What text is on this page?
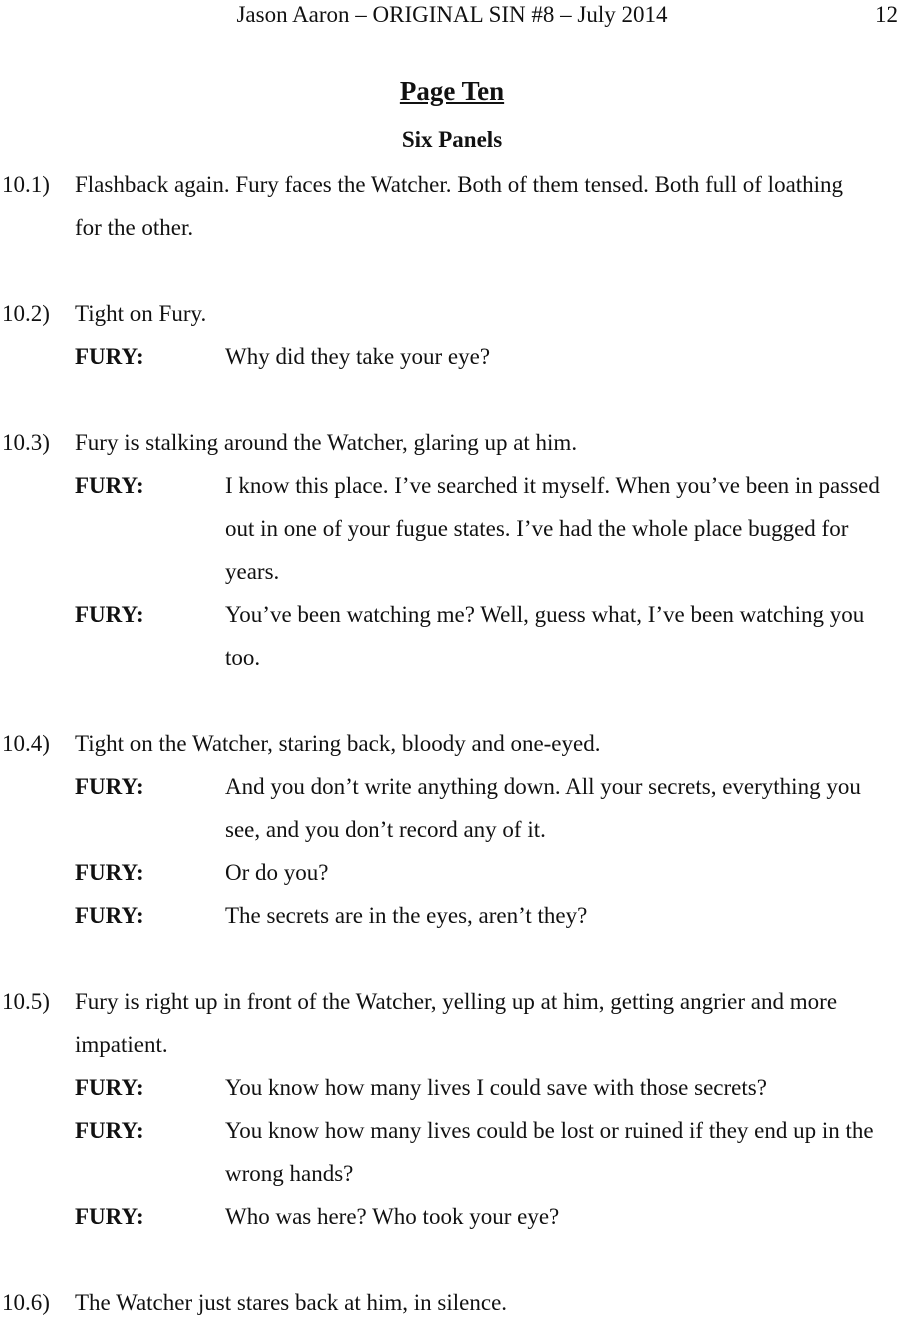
Jason Aaron – ORIGINAL SIN #8 – July 2014	12
Page Ten
Six Panels
10.1) Flashback again. Fury faces the Watcher. Both of them tensed. Both full of loathing for the other.
10.2) Tight on Fury.
FURY:	Why did they take your eye?
10.3) Fury is stalking around the Watcher, glaring up at him.
FURY:	I know this place. I’ve searched it myself. When you’ve been in passed out in one of your fugue states. I’ve had the whole place bugged for years.
FURY:	You’ve been watching me? Well, guess what, I’ve been watching you too.
10.4) Tight on the Watcher, staring back, bloody and one-eyed.
FURY:	And you don’t write anything down. All your secrets, everything you see, and you don’t record any of it.
FURY:	Or do you?
FURY:	The secrets are in the eyes, aren’t they?
10.5) Fury is right up in front of the Watcher, yelling up at him, getting angrier and more impatient.
FURY:	You know how many lives I could save with those secrets?
FURY:	You know how many lives could be lost or ruined if they end up in the wrong hands?
FURY:	Who was here? Who took your eye?
10.6) The Watcher just stares back at him, in silence.
